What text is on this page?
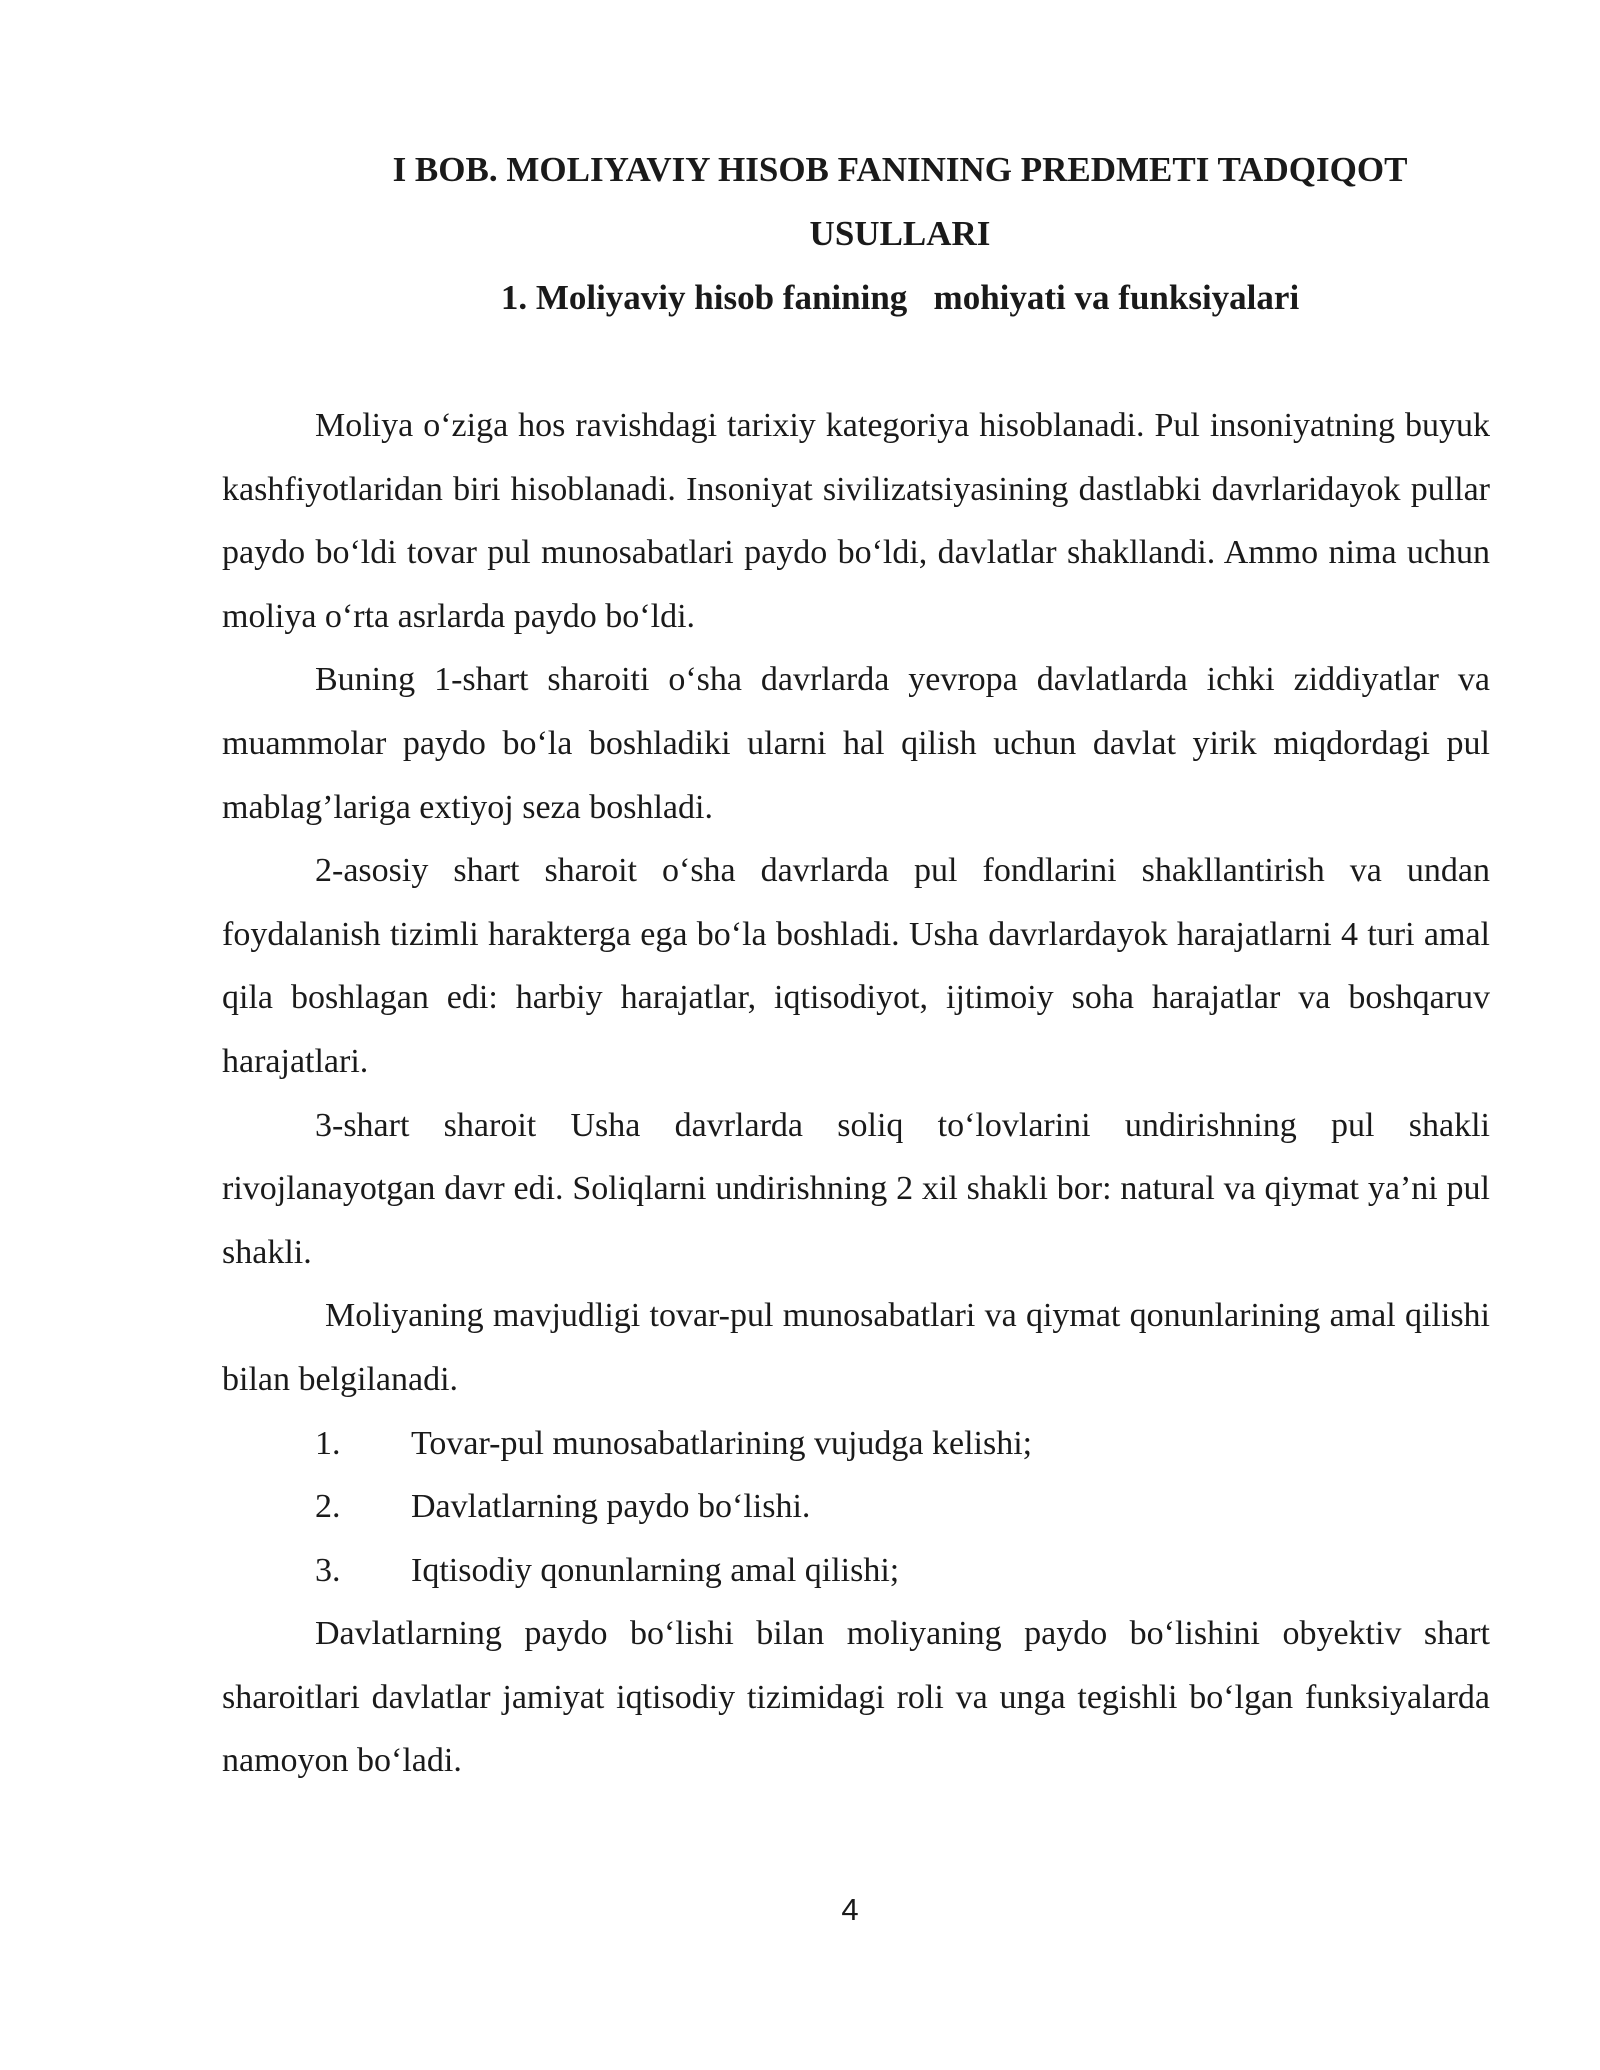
I BOB. MOLIYAVIY HISOB FANINING PREDMETI TADQIQOT
USULLARI
1. Moliyaviy hisob fanining   mohiyati va funksiyalari

Moliya o‘ziga hos ravishdagi tarixiy kategoriya hisoblanadi. Pul insoniyatning buyuk kashfiyotlaridan biri hisoblanadi. Insoniyat sivilizatsiyasining dastlabki davrlaridayok pullar paydo bo‘ldi tovar pul munosabatlari paydo bo‘ldi, davlatlar shakllandi. Ammo nima uchun moliya o‘rta asrlarda paydo bo‘ldi.

Buning 1-shart sharoiti o‘sha davrlarda yevropa davlatlarda ichki ziddiyatlar va muammolar paydo bo‘la boshladiki ularni hal qilish uchun davlat yirik miqdordagi pul mablag’lariga extiyoj seza boshladi.

2-asosiy shart sharoit o‘sha davrlarda pul fondlarini shakllantirish va undan foydalanish tizimli harakterga ega bo‘la boshladi. Usha davrlardayok harajatlarni 4 turi amal qila boshlagan edi: harbiy harajatlar, iqtisodiyot, ijtimoiy soha harajatlar va boshqaruv harajatlari.

3-shart sharoit Usha davrlarda soliq to‘lovlarini undirishning pul shakli rivojlanayotgan davr edi. Soliqlarni undirishning 2 xil shakli bor: natural va qiymat ya’ni pul shakli.

Moliyaning mavjudligi tovar-pul munosabatlari va qiymat qonunlarining amal qilishi bilan belgilanadi.

1.	Tovar-pul munosabatlarining vujudga kelishi;
2.	Davlatlarning paydo bo‘lishi.
3.	Iqtisodiy qonunlarning amal qilishi;

Davlatlarning paydo bo‘lishi bilan moliyaning paydo bo‘lishini obyektiv shart sharoitlari davlatlar jamiyat iqtisodiy tizimidagi roli va unga tegishli bo‘lgan funksiyalarda namoyon bo‘ladi.

4
